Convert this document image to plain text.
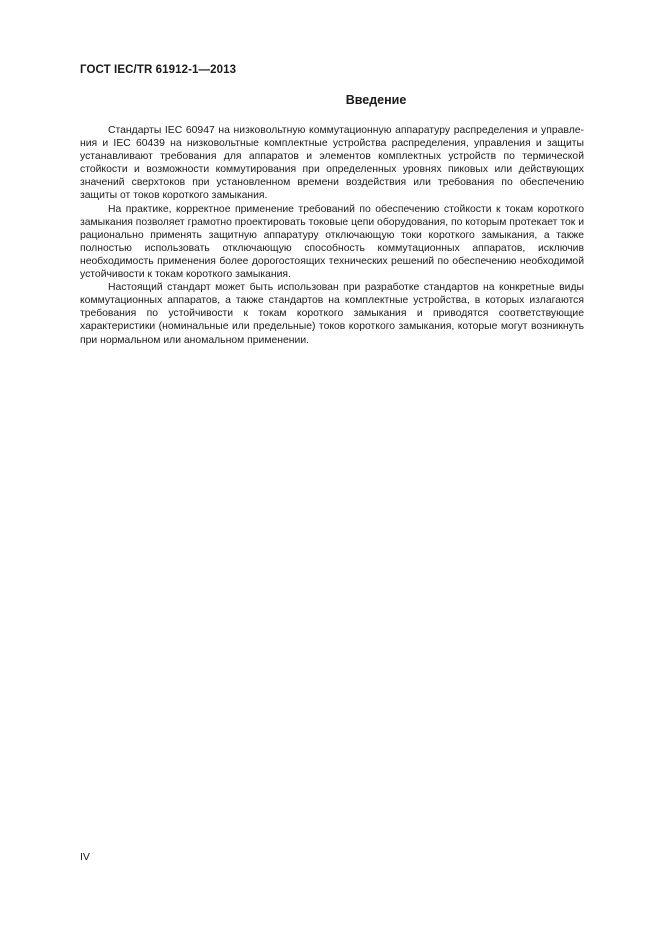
ГОСТ IEC/TR 61912-1—2013
Введение

Стандарты IEC 60947 на низковольтную коммутационную аппаратуру распределения и управления и IEC 60439 на низковольтные комплектные устройства распределения, управления и защиты устанавливают требования для аппаратов и элементов комплектных устройств по термической стойкости и возможности коммутирования при определенных уровнях пиковых или действующих значений сверхтоков при установленном времени воздействия или требования по обеспечению защиты от токов короткого замыкания.

На практике, корректное применение требований по обеспечению стойкости к токам короткого замыкания позволяет грамотно проектировать токовые цепи оборудования, по которым протекает ток и рационально применять защитную аппаратуру отключающую токи короткого замыкания, а также полностью использовать отключающую способность коммутационных аппаратов, исключив необходимость применения более дорогостоящих технических решений по обеспечению необходимой устойчивости к токам короткого замыкания.

Настоящий стандарт может быть использован при разработке стандартов на конкретные виды коммутационных аппаратов, а также стандартов на комплектные устройства, в которых излагаются требования по устойчивости к токам короткого замыкания и приводятся соответствующие характеристики (номинальные или предельные) токов короткого замыкания, которые могут возникнуть при нормальном или аномальном применении.

IV
